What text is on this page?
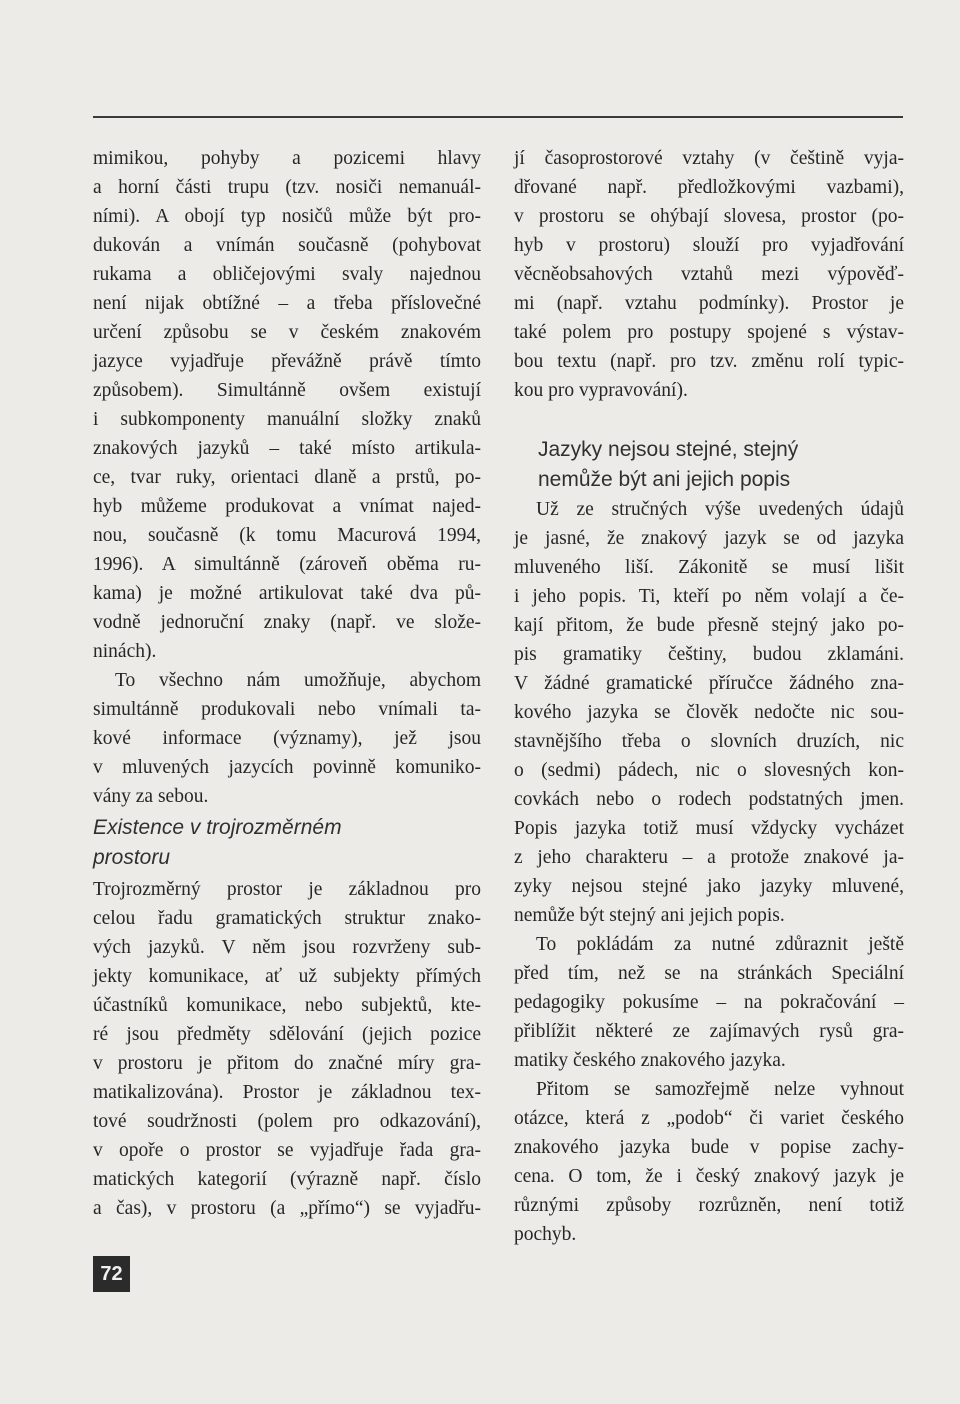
mimikou, pohyby a pozicemi hlavy
a horní části trupu (tzv. nosiči nemanuál-
ními). A obojí typ nosičů může být pro-
dukován a vnímán současně (pohybovat
rukama a obličejovými svaly najednou
není nijak obtížné – a třeba příslovečné
určení způsobu se v českém znakovém
jazyce vyjadřuje převážně právě tímto
způsobem). Simultánně ovšem existují
i subkomponenty manuální složky znaků
znakových jazyků – také místo artikula-
ce, tvar ruky, orientaci dlaně a prstů, po-
hyb můžeme produkovat a vnímat najed-
nou, současně (k tomu Macurová 1994,
1996). A simultánně (zároveň oběma ru-
kama) je možné artikulovat také dva pů-
vodně jednoruční znaky (např. ve slože-
ninách).
To všechno nám umožňuje, abychom
simultánně produkovali nebo vnímali ta-
kové informace (významy), jež jsou
v mluvených jazycích povinně komuniko-
vány za sebou.
Existence v trojrozměrném
prostoru
Trojrozměrný prostor je základnou pro
celou řadu gramatických struktur znako-
vých jazyků. V něm jsou rozvrženy sub-
jekty komunikace, ať už subjekty přímých
účastníků komunikace, nebo subjektů, kte-
ré jsou předměty sdělování (jejich pozice
v prostoru je přitom do značné míry gra-
matikalizována). Prostor je základnou tex-
tové soudržnosti (polem pro odkazování),
v opoře o prostor se vyjadřuje řada gra-
matických kategorií (výrazně např. číslo
a čas), v prostoru (a „přímo“) se vyjadřu-
jí časoprostorové vztahy (v češtině vyja-
dřované např. předložkovými vazbami),
v prostoru se ohýbají slovesa, prostor (po-
hyb v prostoru) slouží pro vyjadřování
věcněobsahových vztahů mezi výpověď-
mi (např. vztahu podmínky). Prostor je
také polem pro postupy spojené s výstav-
bou textu (např. pro tzv. změnu rolí typic-
kou pro vypravování).
Jazyky nejsou stejné, stejný
nemůže být ani jejich popis
Už ze stručných výše uvedených údajů
je jasné, že znakový jazyk se od jazyka
mluveného liší. Zákonitě se musí lišit
i jeho popis. Ti, kteří po něm volají a če-
kají přitom, že bude přesně stejný jako po-
pis gramatiky češtiny, budou zklamáni.
V žádné gramatické příručce žádného zna-
kového jazyka se člověk nedočte nic sou-
stavnějšího třeba o slovních druzích, nic
o (sedmi) pádech, nic o slovesných kon-
covkách nebo o rodech podstatných jmen.
Popis jazyka totiž musí vždycky vycházet
z jeho charakteru – a protože znakové ja-
zyky nejsou stejné jako jazyky mluvené,
nemůže být stejný ani jejich popis.
To pokládám za nutné zdůraznit ještě
před tím, než se na stránkách Speciální
pedagogiky pokusíme – na pokračování –
přiblížit některé ze zajímavých rysů gra-
matiky českého znakového jazyka.
Přitom se samozřejmě nelze vyhnout
otázce, která z „podob“ či variet českého
znakového jazyka bude v popise zachy-
cena. O tom, že i český znakový jazyk je
různými způsoby rozrůzněn, není totiž
pochyb.
72
